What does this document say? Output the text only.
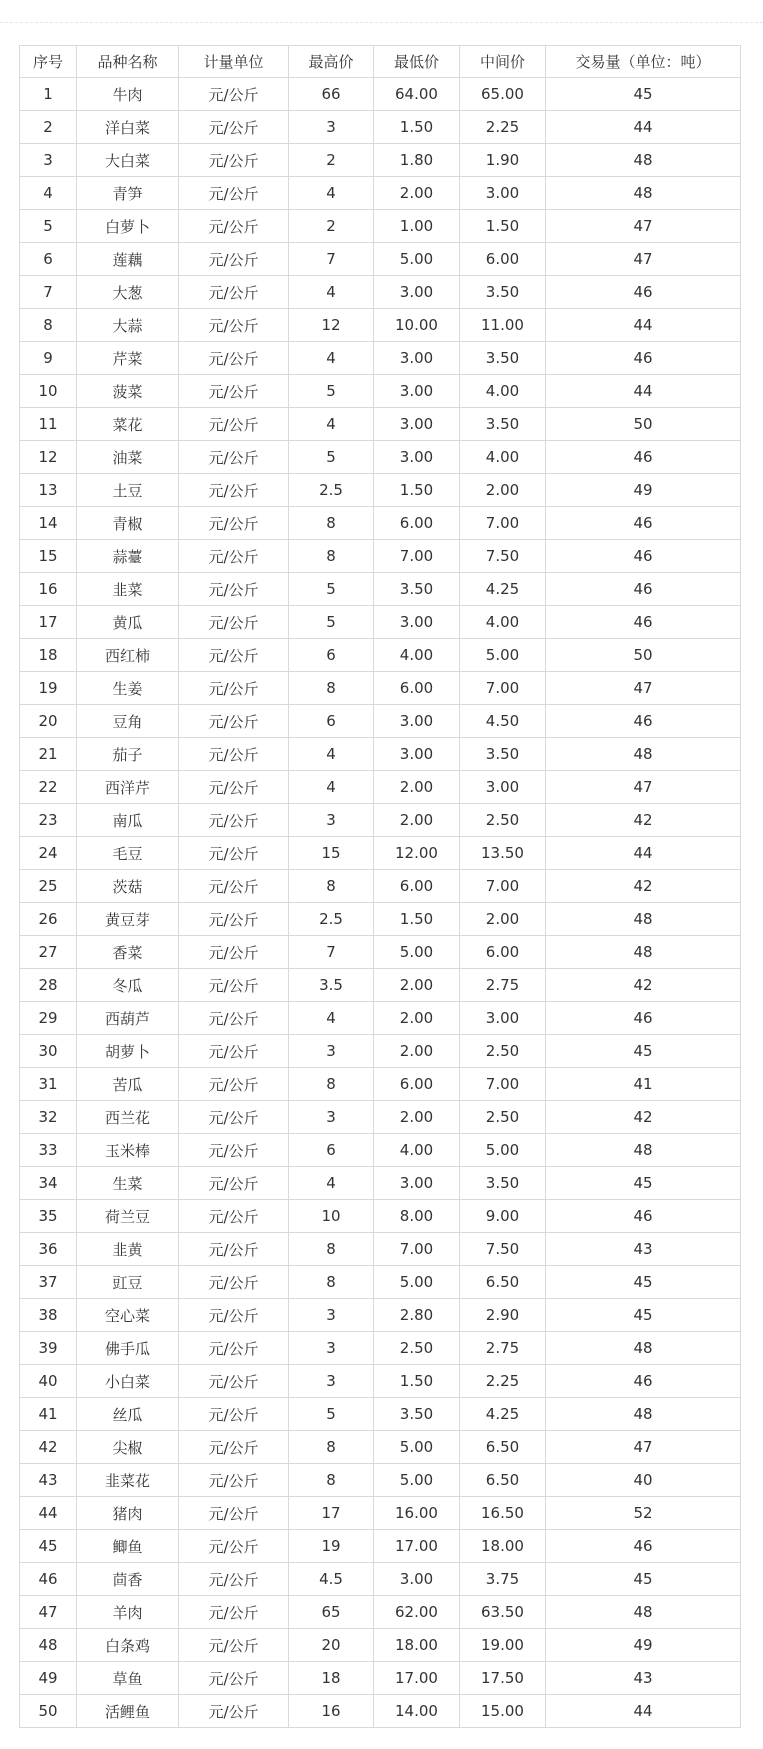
序号	品种名称	计量单位	最高价	最低价	中间价	交易量（单位：吨）
1	牛肉	元/公斤	66	64.00	65.00	45
2	洋白菜	元/公斤	3	1.50	2.25	44
3	大白菜	元/公斤	2	1.80	1.90	48
4	青笋	元/公斤	4	2.00	3.00	48
5	白萝卜	元/公斤	2	1.00	1.50	47
6	莲藕	元/公斤	7	5.00	6.00	47
7	大葱	元/公斤	4	3.00	3.50	46
8	大蒜	元/公斤	12	10.00	11.00	44
9	芹菜	元/公斤	4	3.00	3.50	46
10	菠菜	元/公斤	5	3.00	4.00	44
11	菜花	元/公斤	4	3.00	3.50	50
12	油菜	元/公斤	5	3.00	4.00	46
13	土豆	元/公斤	2.5	1.50	2.00	49
14	青椒	元/公斤	8	6.00	7.00	46
15	蒜薹	元/公斤	8	7.00	7.50	46
16	韭菜	元/公斤	5	3.50	4.25	46
17	黄瓜	元/公斤	5	3.00	4.00	46
18	西红柿	元/公斤	6	4.00	5.00	50
19	生姜	元/公斤	8	6.00	7.00	47
20	豆角	元/公斤	6	3.00	4.50	46
21	茄子	元/公斤	4	3.00	3.50	48
22	西洋芹	元/公斤	4	2.00	3.00	47
23	南瓜	元/公斤	3	2.00	2.50	42
24	毛豆	元/公斤	15	12.00	13.50	44
25	茨菇	元/公斤	8	6.00	7.00	42
26	黄豆芽	元/公斤	2.5	1.50	2.00	48
27	香菜	元/公斤	7	5.00	6.00	48
28	冬瓜	元/公斤	3.5	2.00	2.75	42
29	西葫芦	元/公斤	4	2.00	3.00	46
30	胡萝卜	元/公斤	3	2.00	2.50	45
31	苦瓜	元/公斤	8	6.00	7.00	41
32	西兰花	元/公斤	3	2.00	2.50	42
33	玉米棒	元/公斤	6	4.00	5.00	48
34	生菜	元/公斤	4	3.00	3.50	45
35	荷兰豆	元/公斤	10	8.00	9.00	46
36	韭黄	元/公斤	8	7.00	7.50	43
37	豇豆	元/公斤	8	5.00	6.50	45
38	空心菜	元/公斤	3	2.80	2.90	45
39	佛手瓜	元/公斤	3	2.50	2.75	48
40	小白菜	元/公斤	3	1.50	2.25	46
41	丝瓜	元/公斤	5	3.50	4.25	48
42	尖椒	元/公斤	8	5.00	6.50	47
43	韭菜花	元/公斤	8	5.00	6.50	40
44	猪肉	元/公斤	17	16.00	16.50	52
45	鲫鱼	元/公斤	19	17.00	18.00	46
46	茴香	元/公斤	4.5	3.00	3.75	45
47	羊肉	元/公斤	65	62.00	63.50	48
48	白条鸡	元/公斤	20	18.00	19.00	49
49	草鱼	元/公斤	18	17.00	17.50	43
50	活鲤鱼	元/公斤	16	14.00	15.00	44
